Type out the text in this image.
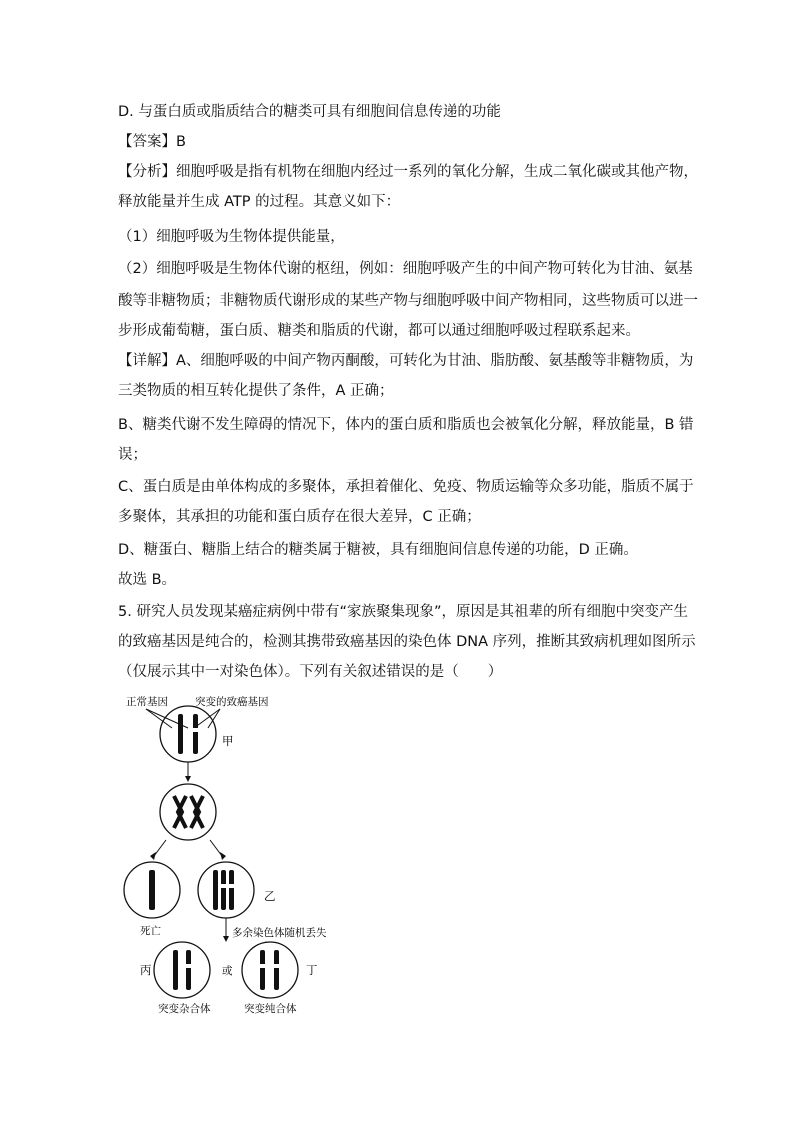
D. 与蛋白质或脂质结合的糖类可具有细胞间信息传递的功能
【答案】B
【分析】细胞呼吸是指有机物在细胞内经过一系列的氧化分解，生成二氧化碳或其他产物，
释放能量并生成 ATP 的过程。其意义如下：
（1）细胞呼吸为生物体提供能量，
（2）细胞呼吸是生物体代谢的枢纽，例如：细胞呼吸产生的中间产物可转化为甘油、氨基
酸等非糖物质；非糖物质代谢形成的某些产物与细胞呼吸中间产物相同，这些物质可以进一
步形成葡萄糖，蛋白质、糖类和脂质的代谢，都可以通过细胞呼吸过程联系起来。
【详解】A、细胞呼吸的中间产物丙酮酸，可转化为甘油、脂肪酸、氨基酸等非糖物质，为
三类物质的相互转化提供了条件，A 正确；
B、糖类代谢不发生障碍的情况下，体内的蛋白质和脂质也会被氧化分解，释放能量，B 错
误；
C、蛋白质是由单体构成的多聚体，承担着催化、免疫、物质运输等众多功能，脂质不属于
多聚体，其承担的功能和蛋白质存在很大差异，C 正确；
D、糖蛋白、糖脂上结合的糖类属于糖被，具有细胞间信息传递的功能，D 正确。
故选 B。
5. 研究人员发现某癌症病例中带有“家族聚集现象”，原因是其祖辈的所有细胞中突变产生
的致癌基因是纯合的，检测其携带致癌基因的染色体 DNA 序列，推断其致病机理如图所示
（仅展示其中一对染色体）。下列有关叙述错误的是（　　）
正常基因	突变的致癌基因
甲
死亡
乙
多余染色体随机丢失
丙
突变杂合体
或	丁
突变纯合体
